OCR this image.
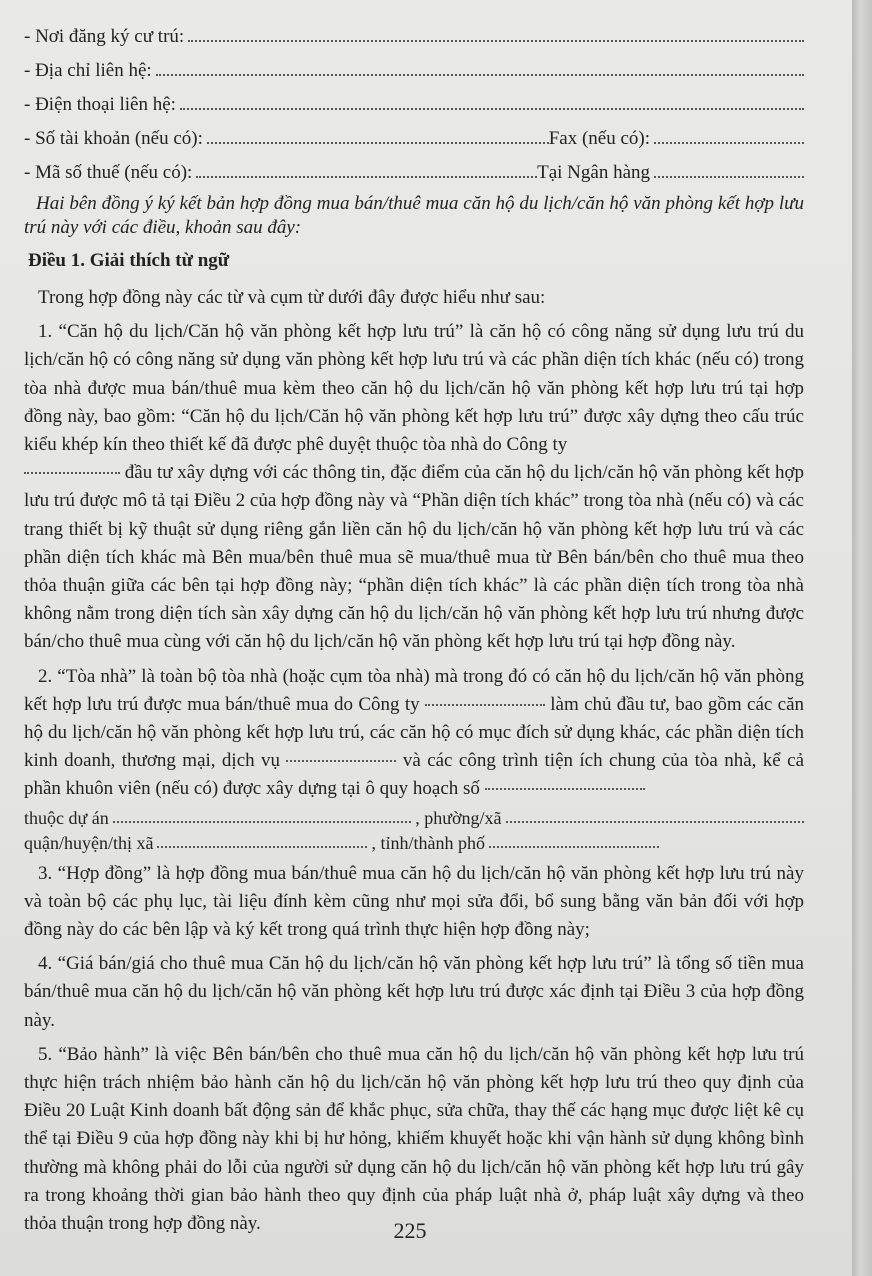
- Nơi đăng ký cư trú:
- Địa chỉ liên hệ:
- Điện thoại liên hệ:
- Số tài khoản (nếu có):	Fax (nếu có):
- Mã số thuế (nếu có):	Tại Ngân hàng
Hai bên đồng ý ký kết bản hợp đồng mua bán/thuê mua căn hộ du lịch/căn hộ văn phòng kết hợp lưu trú này với các điều, khoản sau đây:
Điều 1. Giải thích từ ngữ

Trong hợp đồng này các từ và cụm từ dưới đây được hiểu như sau:

1. “Căn hộ du lịch/Căn hộ văn phòng kết hợp lưu trú” là căn hộ có công năng sử dụng lưu trú du lịch/căn hộ có công năng sử dụng văn phòng kết hợp lưu trú và các phần diện tích khác (nếu có) trong tòa nhà được mua bán/thuê mua kèm theo căn hộ du lịch/căn hộ văn phòng kết hợp lưu trú tại hợp đồng này, bao gồm: “Căn hộ du lịch/Căn hộ văn phòng kết hợp lưu trú” được xây dựng theo cấu trúc kiểu khép kín theo thiết kế đã được phê duyệt thuộc tòa nhà do Công ty

đầu tư xây dựng với các thông tin, đặc điểm của căn hộ du lịch/căn hộ văn phòng kết hợp lưu trú được mô tả tại Điều 2 của hợp đồng này và “Phần diện tích khác” trong tòa nhà (nếu có) và các trang thiết bị kỹ thuật sử dụng riêng gắn liền căn hộ du lịch/căn hộ văn phòng kết hợp lưu trú và các phần diện tích khác mà Bên mua/bên thuê mua sẽ mua/thuê mua từ Bên bán/bên cho thuê mua theo thỏa thuận giữa các bên tại hợp đồng này; “phần diện tích khác” là các phần diện tích trong tòa nhà không nằm trong diện tích sàn xây dựng căn hộ du lịch/căn hộ văn phòng kết hợp lưu trú nhưng được bán/cho thuê mua cùng với căn hộ du lịch/căn hộ văn phòng kết hợp lưu trú tại hợp đồng này.

2. “Tòa nhà” là toàn bộ tòa nhà (hoặc cụm tòa nhà) mà trong đó có căn hộ du lịch/căn hộ văn phòng kết hợp lưu trú được mua bán/thuê mua do Công ty	làm chủ đầu tư, bao gồm các căn hộ du lịch/căn hộ văn phòng kết hợp lưu trú, các căn hộ có mục đích sử dụng khác, các phần diện tích kinh doanh, thương mại, dịch vụ	và các công trình tiện ích chung của tòa nhà, kể cả phần khuôn viên (nếu có) được xây dựng tại ô quy hoạch số

thuộc dự án	, phường/xã
quận/huyện/thị xã	, tỉnh/thành phố

3. “Hợp đồng” là hợp đồng mua bán/thuê mua căn hộ du lịch/căn hộ văn phòng kết hợp lưu trú này và toàn bộ các phụ lục, tài liệu đính kèm cũng như mọi sửa đổi, bổ sung bằng văn bản đối với hợp đồng này do các bên lập và ký kết trong quá trình thực hiện hợp đồng này;

4. “Giá bán/giá cho thuê mua Căn hộ du lịch/căn hộ văn phòng kết hợp lưu trú” là tổng số tiền mua bán/thuê mua căn hộ du lịch/căn hộ văn phòng kết hợp lưu trú được xác định tại Điều 3 của hợp đồng này.

5. “Bảo hành” là việc Bên bán/bên cho thuê mua căn hộ du lịch/căn hộ văn phòng kết hợp lưu trú thực hiện trách nhiệm bảo hành căn hộ du lịch/căn hộ văn phòng kết hợp lưu trú theo quy định của Điều 20 Luật Kinh doanh bất động sản để khắc phục, sửa chữa, thay thế các hạng mục được liệt kê cụ thể tại Điều 9 của hợp đồng này khi bị hư hỏng, khiếm khuyết hoặc khi vận hành sử dụng không bình thường mà không phải do lỗi của người sử dụng căn hộ du lịch/căn hộ văn phòng kết hợp lưu trú gây ra trong khoảng thời gian bảo hành theo quy định của pháp luật nhà ở, pháp luật xây dựng và theo thỏa thuận trong hợp đồng này.	225
